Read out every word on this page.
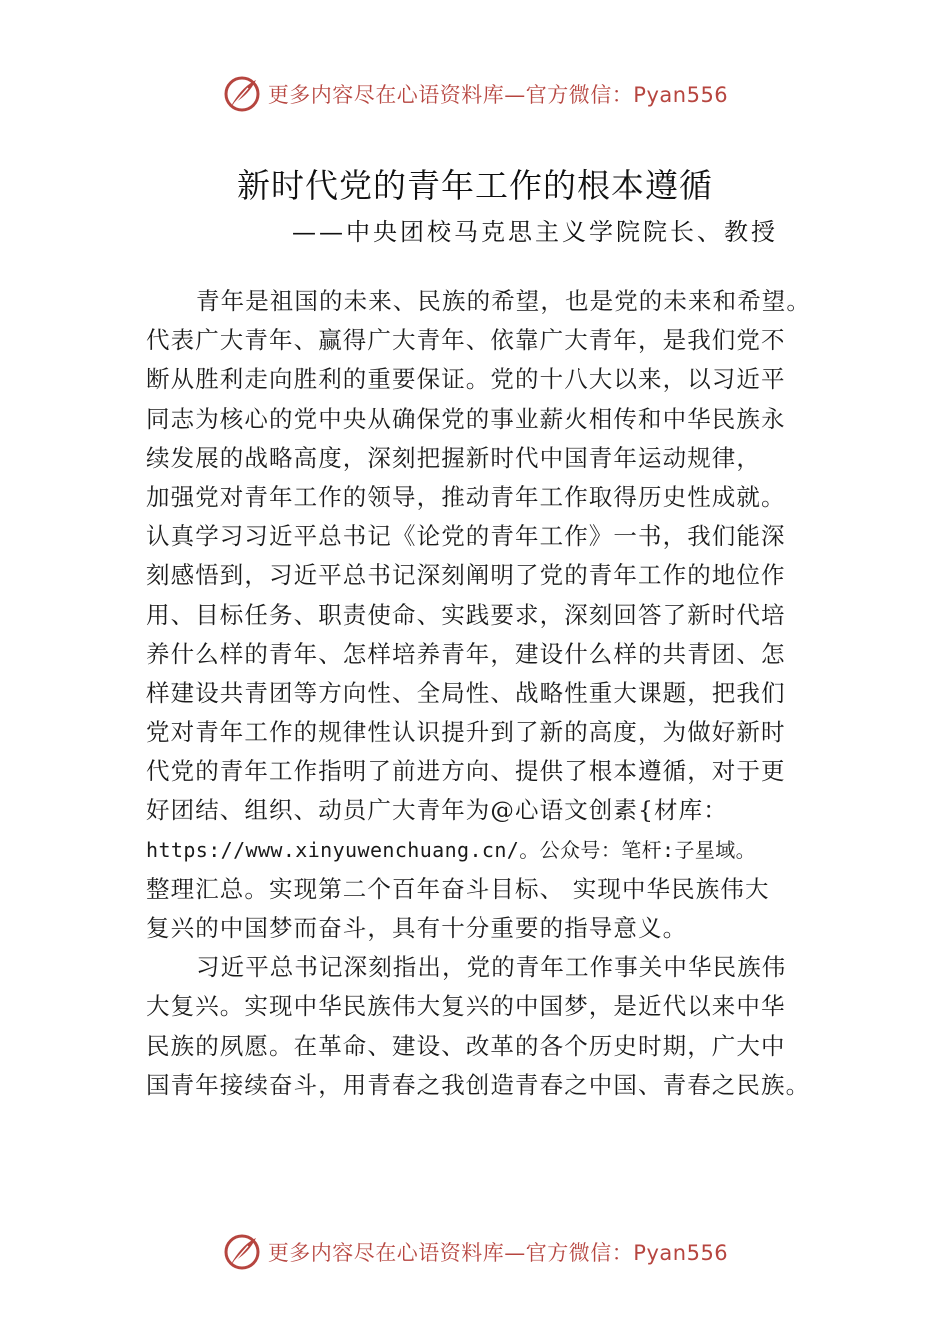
更多内容尽在心语资料库—官方微信：Pyan556
新时代党的青年工作的根本遵循
——中央团校马克思主义学院院长、教授
青年是祖国的未来、民族的希望，也是党的未来和希望。
代表广大青年、赢得广大青年、依靠广大青年，是我们党不
断从胜利走向胜利的重要保证。党的十八大以来，以习近平
同志为核心的党中央从确保党的事业薪火相传和中华民族永
续发展的战略高度，深刻把握新时代中国青年运动规律，
加强党对青年工作的领导，推动青年工作取得历史性成就。
认真学习习近平总书记《论党的青年工作》一书，我们能深
刻感悟到，习近平总书记深刻阐明了党的青年工作的地位作
用、目标任务、职责使命、实践要求，深刻回答了新时代培
养什么样的青年、怎样培养青年，建设什么样的共青团、怎
样建设共青团等方向性、全局性、战略性重大课题，把我们
党对青年工作的规律性认识提升到了新的高度，为做好新时
代党的青年工作指明了前进方向、提供了根本遵循，对于更
好团结、组织、动员广大青年为@心语文创素{材库：
https://www.xinyuwenchuang.cn/。公众号：笔杆:子星域。
整理汇总。实现第二个百年奋斗目标、 实现中华民族伟大
复兴的中国梦而奋斗，具有十分重要的指导意义。
习近平总书记深刻指出，党的青年工作事关中华民族伟
大复兴。实现中华民族伟大复兴的中国梦，是近代以来中华
民族的夙愿。在革命、建设、改革的各个历史时期，广大中
国青年接续奋斗，用青春之我创造青春之中国、青春之民族。
更多内容尽在心语资料库—官方微信：Pyan556
